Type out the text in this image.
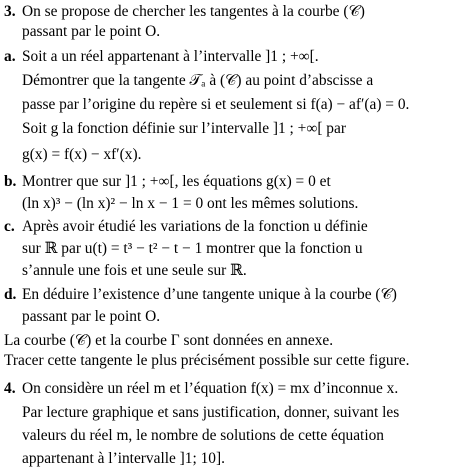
3. On se propose de chercher les tangentes à la courbe (𝒞)
passant par le point O.
a. Soit a un réel appartenant à l’intervalle ]1 ; +∞[.
Démontrer que la tangente 𝒯ₐ à (𝒞) au point d’abscisse a
passe par l’origine du repère si et seulement si f(a) − af′(a) = 0.
Soit g la fonction définie sur l’intervalle ]1 ; +∞[ par
g(x) = f(x) − xf′(x).
b. Montrer que sur ]1 ; +∞[, les équations g(x) = 0 et
(ln x)³ − (ln x)² − ln x − 1 = 0 ont les mêmes solutions.
c. Après avoir étudié les variations de la fonction u définie
sur ℝ par u(t) = t³ − t² − t − 1 montrer que la fonction u
s’annule une fois et une seule sur ℝ.
d. En déduire l’existence d’une tangente unique à la courbe (𝒞)
passant par le point O.
La courbe (𝒞) et la courbe Γ sont données en annexe.
Tracer cette tangente le plus précisément possible sur cette figure.
4. On considère un réel m et l’équation f(x) = mx d’inconnue x.
Par lecture graphique et sans justification, donner, suivant les
valeurs du réel m, le nombre de solutions de cette équation
appartenant à l’intervalle ]1; 10].
